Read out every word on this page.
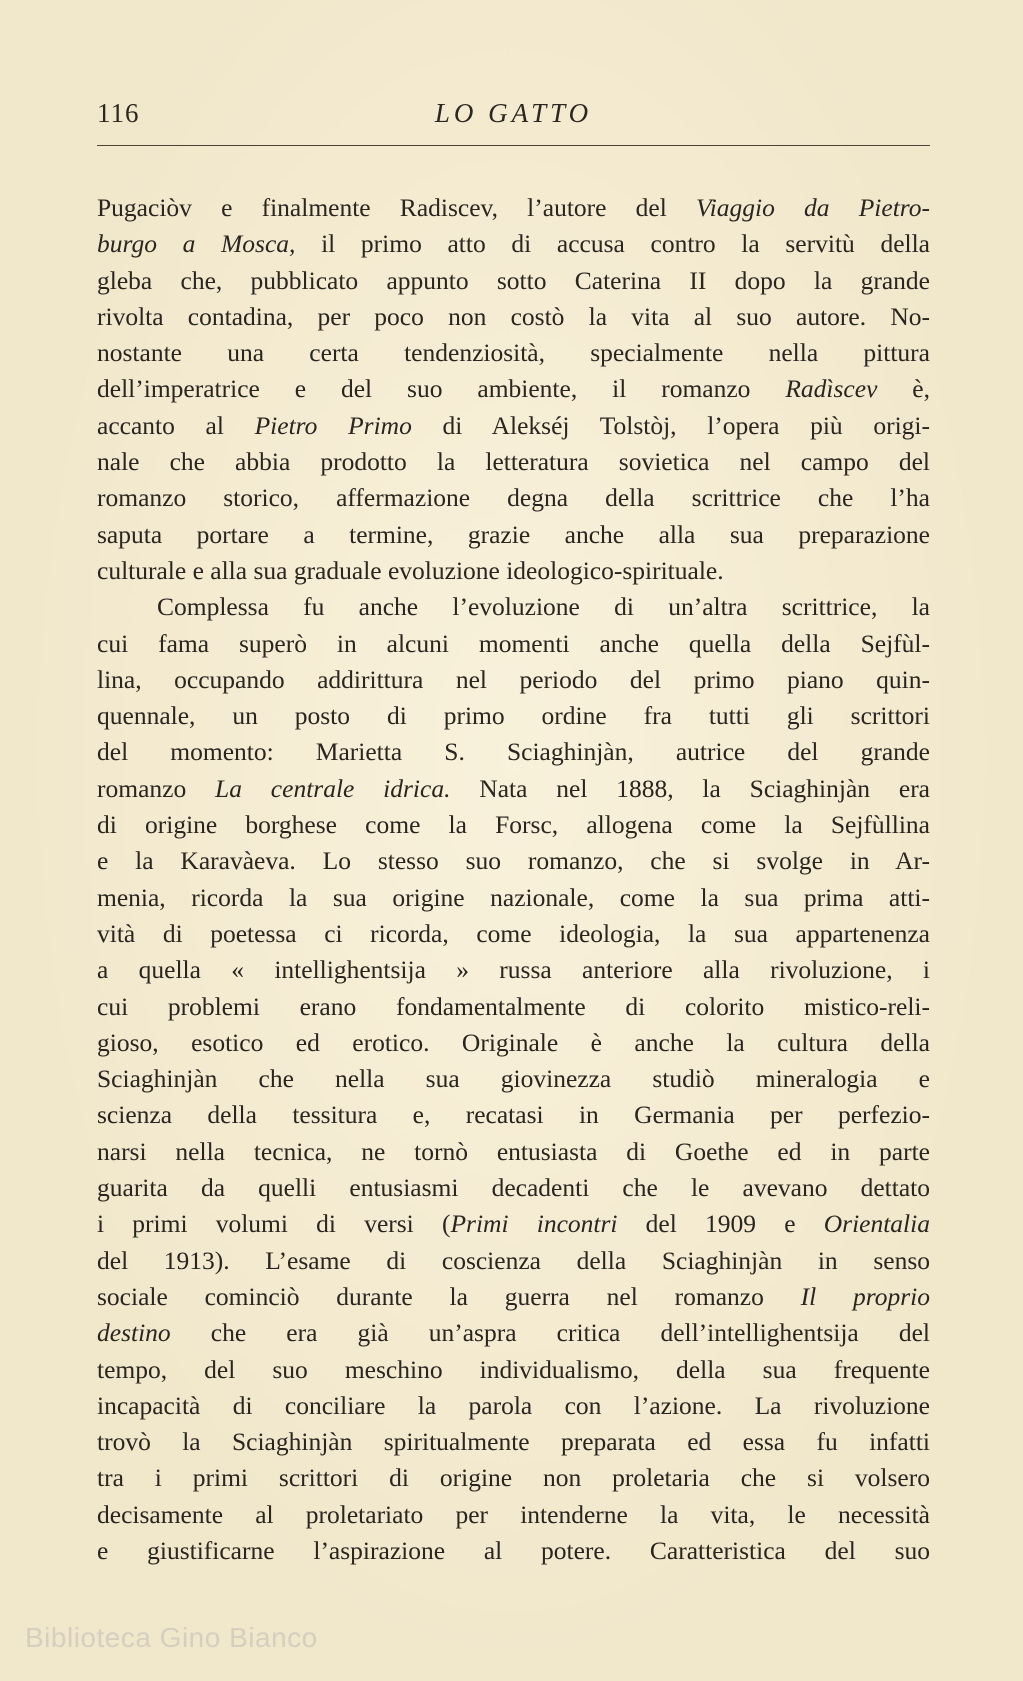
116	LO GATTO
Pugaciòv e finalmente Radiscev, l’autore del Viaggio da Pietro-
burgo a Mosca, il primo atto di accusa contro la servitù della
gleba che, pubblicato appunto sotto Caterina II dopo la grande
rivolta contadina, per poco non costò la vita al suo autore. No-
nostante una certa tendenziosità, specialmente nella pittura
dell’imperatrice e del suo ambiente, il romanzo Radìscev è,
accanto al Pietro Primo di Alekséj Tolstòj, l’opera più origi-
nale che abbia prodotto la letteratura sovietica nel campo del
romanzo storico, affermazione degna della scrittrice che l’ha
saputa portare a termine, grazie anche alla sua preparazione
culturale e alla sua graduale evoluzione ideologico-spirituale.
Complessa fu anche l’evoluzione di un’altra scrittrice, la
cui fama superò in alcuni momenti anche quella della Sejfùl-
lina, occupando addirittura nel periodo del primo piano quin-
quennale, un posto di primo ordine fra tutti gli scrittori
del momento: Marietta S. Sciaghinjàn, autrice del grande
romanzo La centrale idrica. Nata nel 1888, la Sciaghinjàn era
di origine borghese come la Forsc, allogena come la Sejfùllina
e la Karavàeva. Lo stesso suo romanzo, che si svolge in Ar-
menia, ricorda la sua origine nazionale, come la sua prima atti-
vità di poetessa ci ricorda, come ideologia, la sua appartenenza
a quella « intellighentsija » russa anteriore alla rivoluzione, i
cui problemi erano fondamentalmente di colorito mistico-reli-
gioso, esotico ed erotico. Originale è anche la cultura della
Sciaghinjàn che nella sua giovinezza studiò mineralogia e
scienza della tessitura e, recatasi in Germania per perfezio-
narsi nella tecnica, ne tornò entusiasta di Goethe ed in parte
guarita da quelli entusiasmi decadenti che le avevano dettato
i primi volumi di versi (Primi incontri del 1909 e Orientalia
del 1913). L’esame di coscienza della Sciaghinjàn in senso
sociale cominciò durante la guerra nel romanzo Il proprio
destino che era già un’aspra critica dell’intellighentsija del
tempo, del suo meschino individualismo, della sua frequente
incapacità di conciliare la parola con l’azione. La rivoluzione
trovò la Sciaghinjàn spiritualmente preparata ed essa fu infatti
tra i primi scrittori di origine non proletaria che si volsero
decisamente al proletariato per intenderne la vita, le necessità
e giustificarne l’aspirazione al potere. Caratteristica del suo
Biblioteca Gino Bianco
